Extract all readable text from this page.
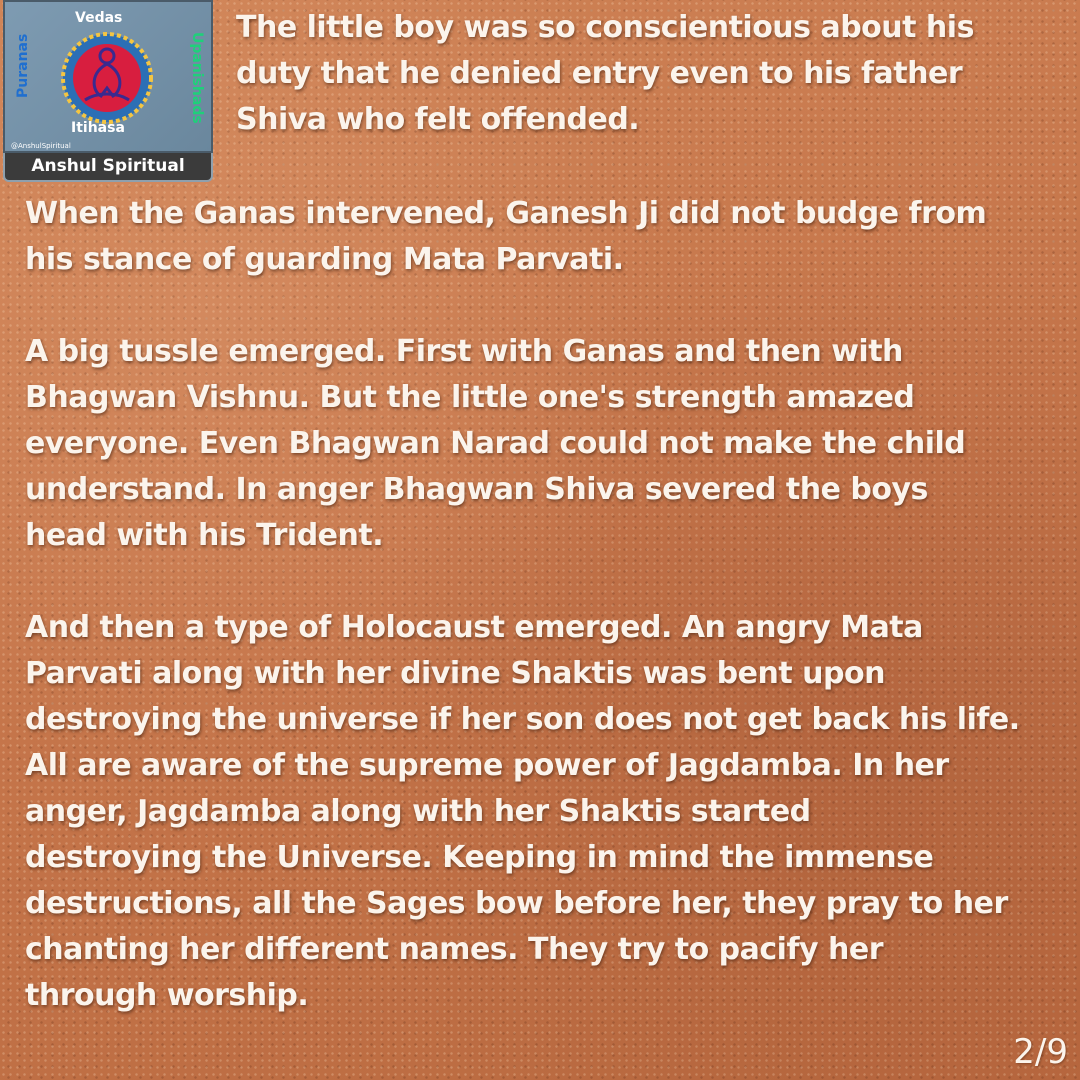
Vedas
Puranas	Upanishads
Itihasa
@AnshulSpiritual
Anshul Spiritual

The little boy was so conscientious about his
duty that he denied entry even to his father
Shiva who felt offended.

When the Ganas intervened, Ganesh Ji did not budge from
his stance of guarding Mata Parvati.

A big tussle emerged. First with Ganas and then with
Bhagwan Vishnu. But the little one's strength amazed
everyone. Even Bhagwan Narad could not make the child
understand. In anger Bhagwan Shiva severed the boys
head with his Trident.

And then a type of Holocaust emerged. An angry Mata
Parvati along with her divine Shaktis was bent upon
destroying the universe if her son does not get back his life.
All are aware of the supreme power of Jagdamba. In her
anger, Jagdamba along with her Shaktis started
destroying the Universe. Keeping in mind the immense
destructions, all the Sages bow before her, they pray to her
chanting her different names. They try to pacify her
through worship.

2/9
